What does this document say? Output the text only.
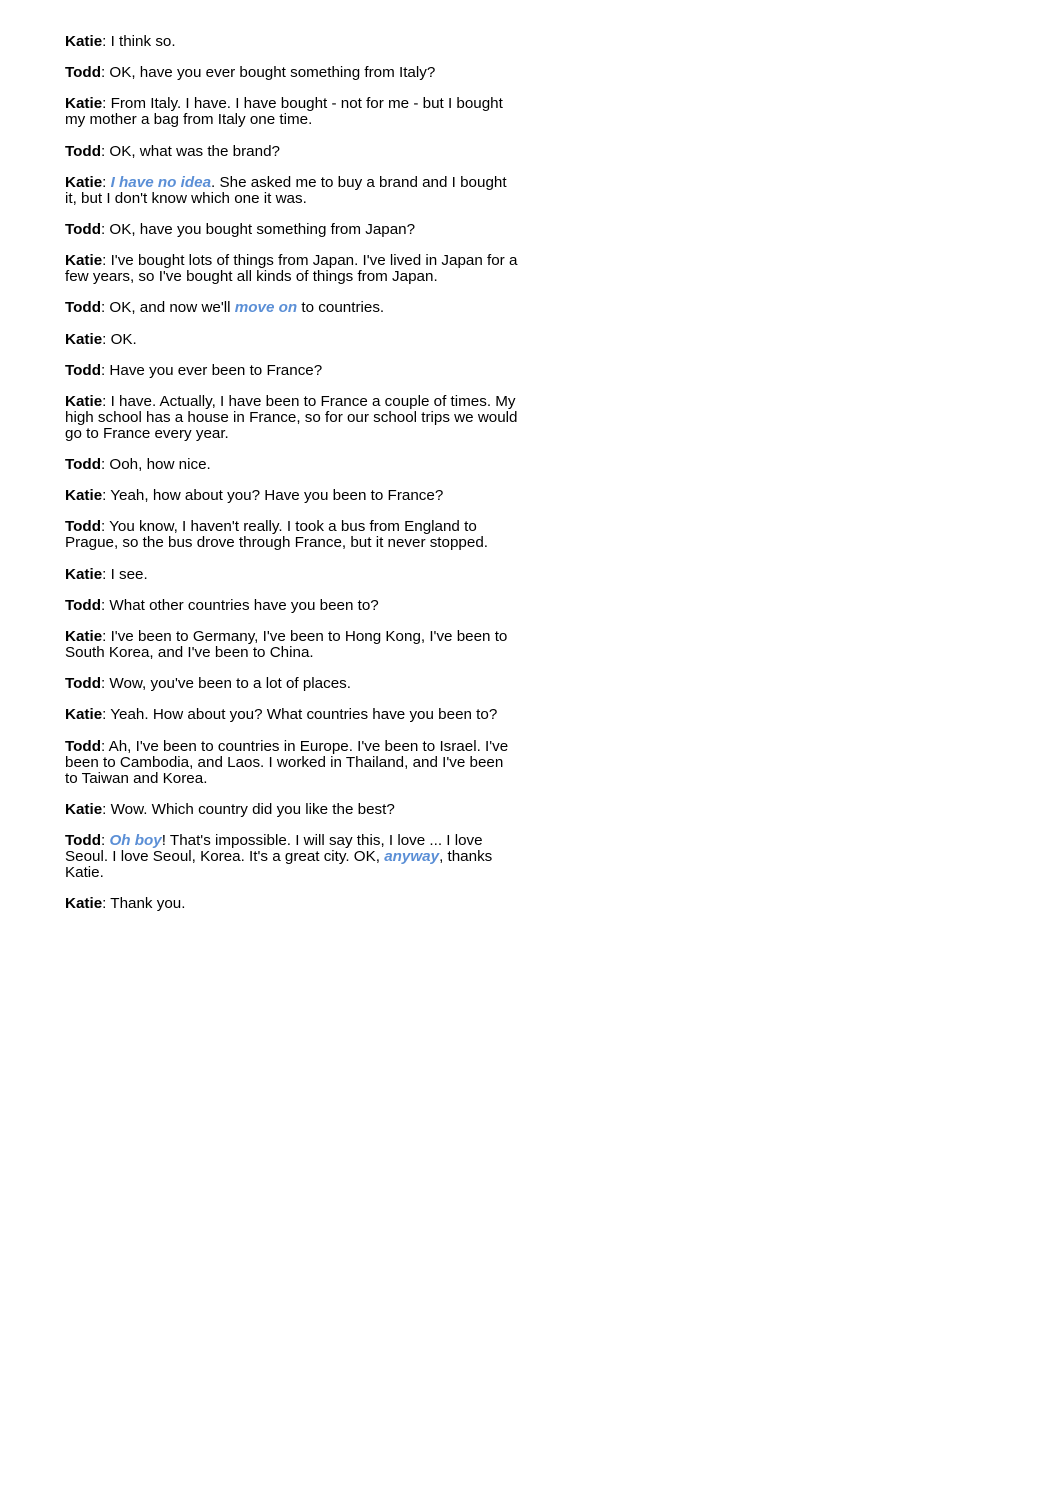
Katie: I think so.

Todd: OK, have you ever bought something from Italy?

Katie: From Italy. I have. I have bought - not for me - but I bought my mother a bag from Italy one time.

Todd: OK, what was the brand?

Katie: I have no idea. She asked me to buy a brand and I bought it, but I don't know which one it was.

Todd: OK, have you bought something from Japan?

Katie: I've bought lots of things from Japan. I've lived in Japan for a few years, so I've bought all kinds of things from Japan.

Todd: OK, and now we'll move on to countries.

Katie: OK.

Todd: Have you ever been to France?

Katie: I have. Actually, I have been to France a couple of times. My high school has a house in France, so for our school trips we would go to France every year.

Todd: Ooh, how nice.

Katie: Yeah, how about you? Have you been to France?

Todd: You know, I haven't really. I took a bus from England to Prague, so the bus drove through France, but it never stopped.

Katie: I see.

Todd: What other countries have you been to?

Katie: I've been to Germany, I've been to Hong Kong, I've been to South Korea, and I've been to China.

Todd: Wow, you've been to a lot of places.

Katie: Yeah. How about you? What countries have you been to?

Todd: Ah, I've been to countries in Europe. I've been to Israel. I've been to Cambodia, and Laos. I worked in Thailand, and I've been to Taiwan and Korea.

Katie: Wow. Which country did you like the best?

Todd: Oh boy! That's impossible. I will say this, I love ... I love Seoul. I love Seoul, Korea. It's a great city. OK, anyway, thanks Katie.

Katie: Thank you.
